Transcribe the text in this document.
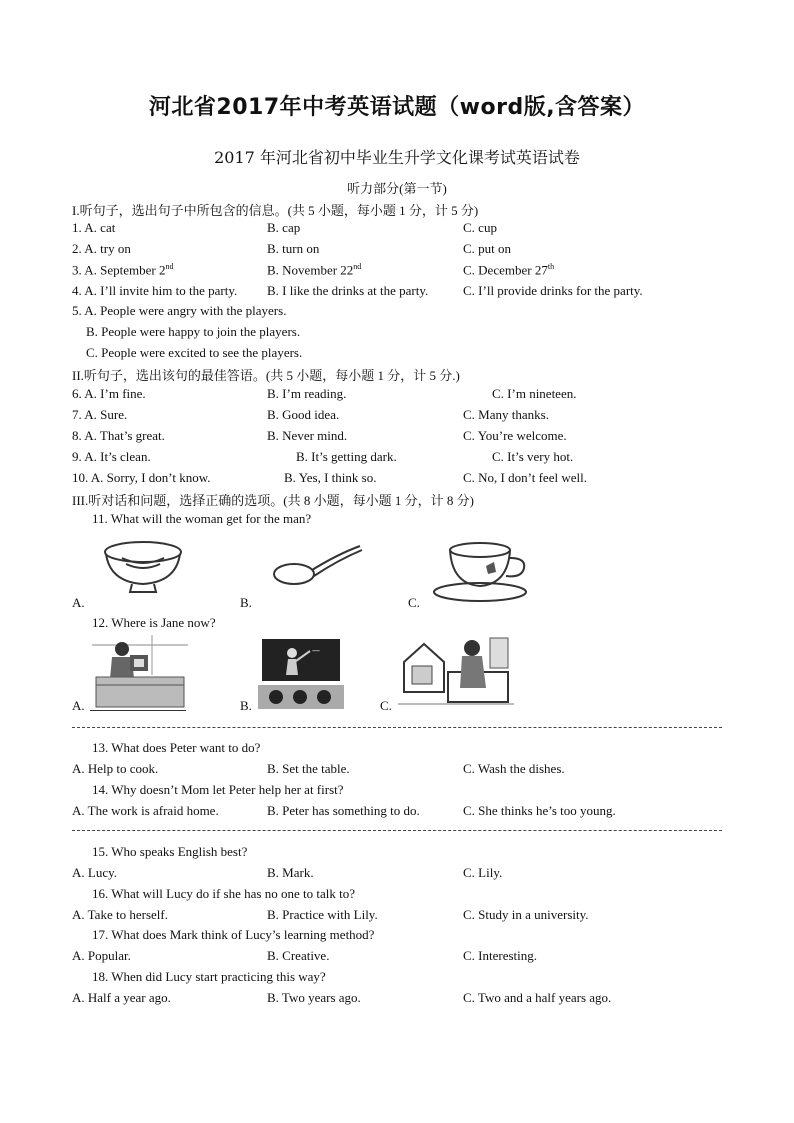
河北省2017年中考英语试题（word版,含答案）
2017 年河北省初中毕业生升学文化课考试英语试卷
听力部分(第一节)
I.听句子，选出句子中所包含的信息。(共 5 小题，每小题 1 分，计 5 分)
1. A. cat	B. cap	C. cup
2. A. try on	B. turn on	C. put on
3. A. September 2nd	B. November 22nd	C. December 27th
4. A. I’ll invite him to the party. B. I like the drinks at the party.	C. I’ll provide drinks for the party.
5. A. People were angry with the players.
B. People were happy to join the players.
C. People were excited to see the players.
II.听句子，选出该句的最佳答语。(共 5 小题，每小题 1 分，计 5 分.)
6. A. I’m fine.	B. I’m reading.	C. I’m nineteen.
7. A. Sure.	B. Good idea.	C. Many thanks.
8. A. That’s great.	B. Never mind.	C. You’re welcome.
9. A. It’s clean.	B. It’s getting dark.	C. It’s very hot.
10. A. Sorry, I don’t know.	B. Yes, I think so.	C. No, I don’t feel well.
III.听对话和问题，选择正确的选项。(共 8 小题，每小题 1 分，计 8 分)
11. What will the woman get for the man?
A.	B.	C.
12. Where is Jane now?
—
A.	B.	C.
13. What does Peter want to do?
A. Help to cook.	B. Set the table.	C. Wash the dishes.
14. Why doesn’t Mom let Peter help her at first?
A. The work is afraid home.	B. Peter has something to do.	C. She thinks he’s too young.
15. Who speaks English best?
A. Lucy.	B. Mark.	C. Lily.
16. What will Lucy do if she has no one to talk to?
A. Take to herself.	B. Practice with Lily.	C. Study in a university.
17. What does Mark think of Lucy’s learning method?
A. Popular.	B. Creative.	C. Interesting.
18. When did Lucy start practicing this way?
A. Half a year ago.	B. Two years ago.	C. Two and a half years ago.
